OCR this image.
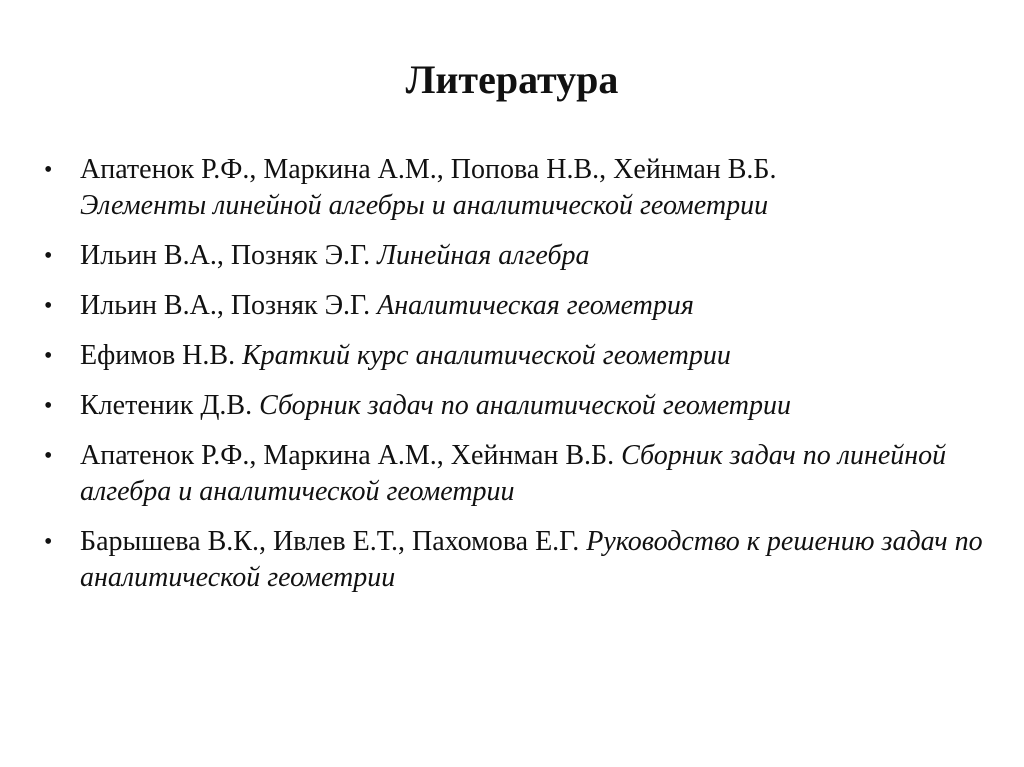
Литература
• Апатенок Р.Ф., Маркина А.М., Попова Н.В., Хейнман В.Б.
Элементы линейной алгебры и аналитической геометрии
• Ильин В.А., Позняк Э.Г. Линейная алгебра
• Ильин В.А., Позняк Э.Г. Аналитическая геометрия
• Ефимов Н.В. Краткий курс аналитической геометрии
• Клетеник Д.В. Сборник задач по аналитической геометрии
• Апатенок Р.Ф., Маркина А.М., Хейнман В.Б. Сборник задач по линейной алгебра и аналитической геометрии
• Барышева В.К., Ивлев Е.Т., Пахомова Е.Г. Руководство к решению задач по аналитической геометрии
